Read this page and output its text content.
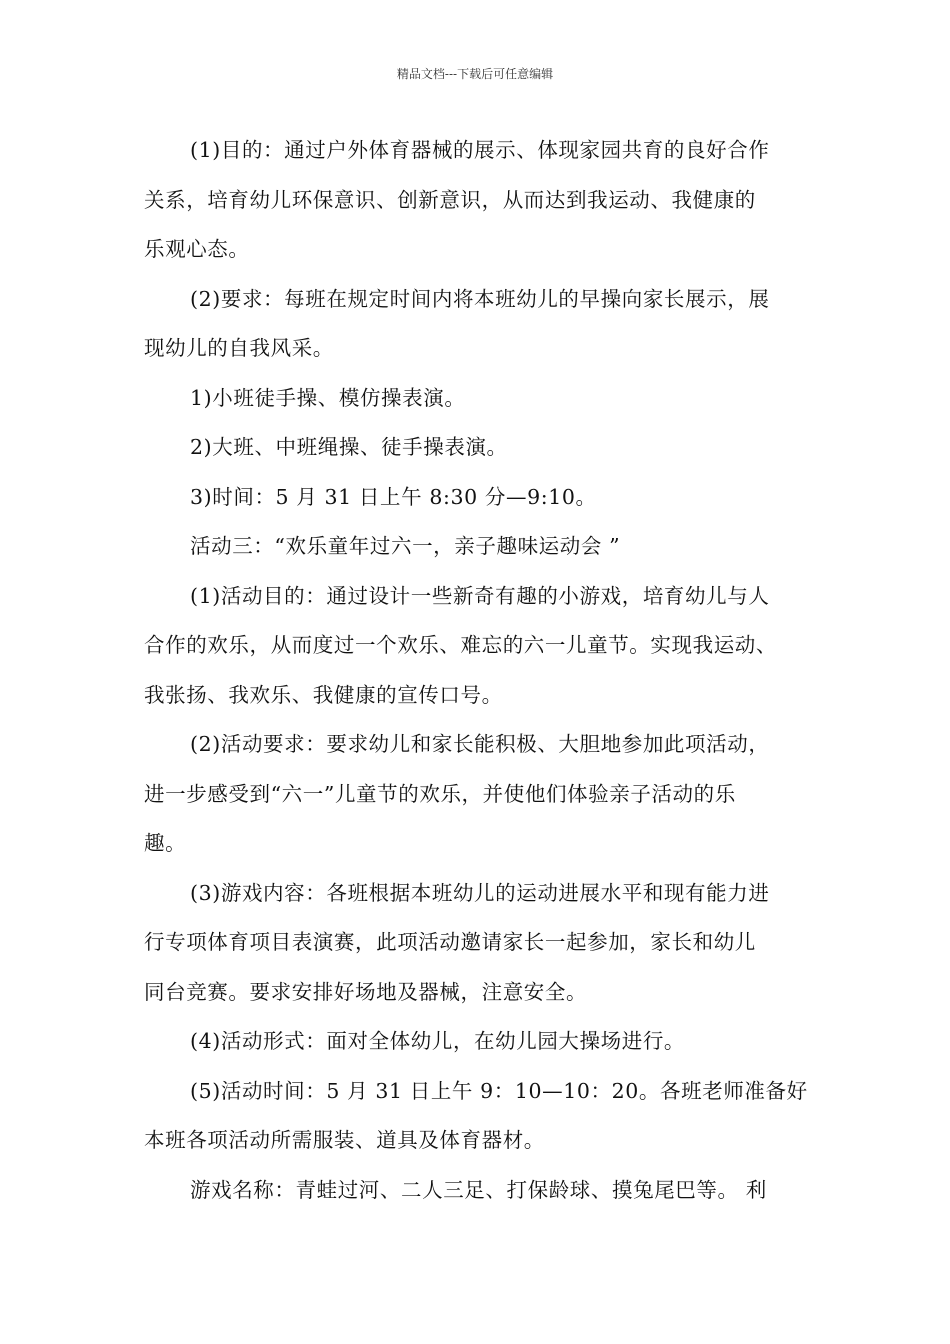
精品文档---下载后可任意编辑
(1)目的：通过户外体育器械的展示、体现家园共育的良好合作
关系，培育幼儿环保意识、创新意识，从而达到我运动、我健康的
乐观心态。
(2)要求：每班在规定时间内将本班幼儿的早操向家长展示，展
现幼儿的自我风采。
1)小班徒手操、模仿操表演。
2)大班、中班绳操、徒手操表演。
3)时间：5 月 31 日上午 8:30 分—9:10。
活动三：“欢乐童年过六一，亲子趣味运动会 ”
(1)活动目的：通过设计一些新奇有趣的小游戏，培育幼儿与人
合作的欢乐，从而度过一个欢乐、难忘的六一儿童节。实现我运动、
我张扬、我欢乐、我健康的宣传口号。
(2)活动要求：要求幼儿和家长能积极、大胆地参加此项活动，
进一步感受到“六一”儿童节的欢乐，并使他们体验亲子活动的乐
趣。
(3)游戏内容：各班根据本班幼儿的运动进展水平和现有能力进
行专项体育项目表演赛，此项活动邀请家长一起参加，家长和幼儿
同台竞赛。要求安排好场地及器械，注意安全。
(4)活动形式：面对全体幼儿，在幼儿园大操场进行。
(5)活动时间：5 月 31 日上午 9：10—10：20。各班老师准备好
本班各项活动所需服装、道具及体育器材。
游戏名称：青蛙过河、二人三足、打保龄球、摸兔尾巴等。 利
